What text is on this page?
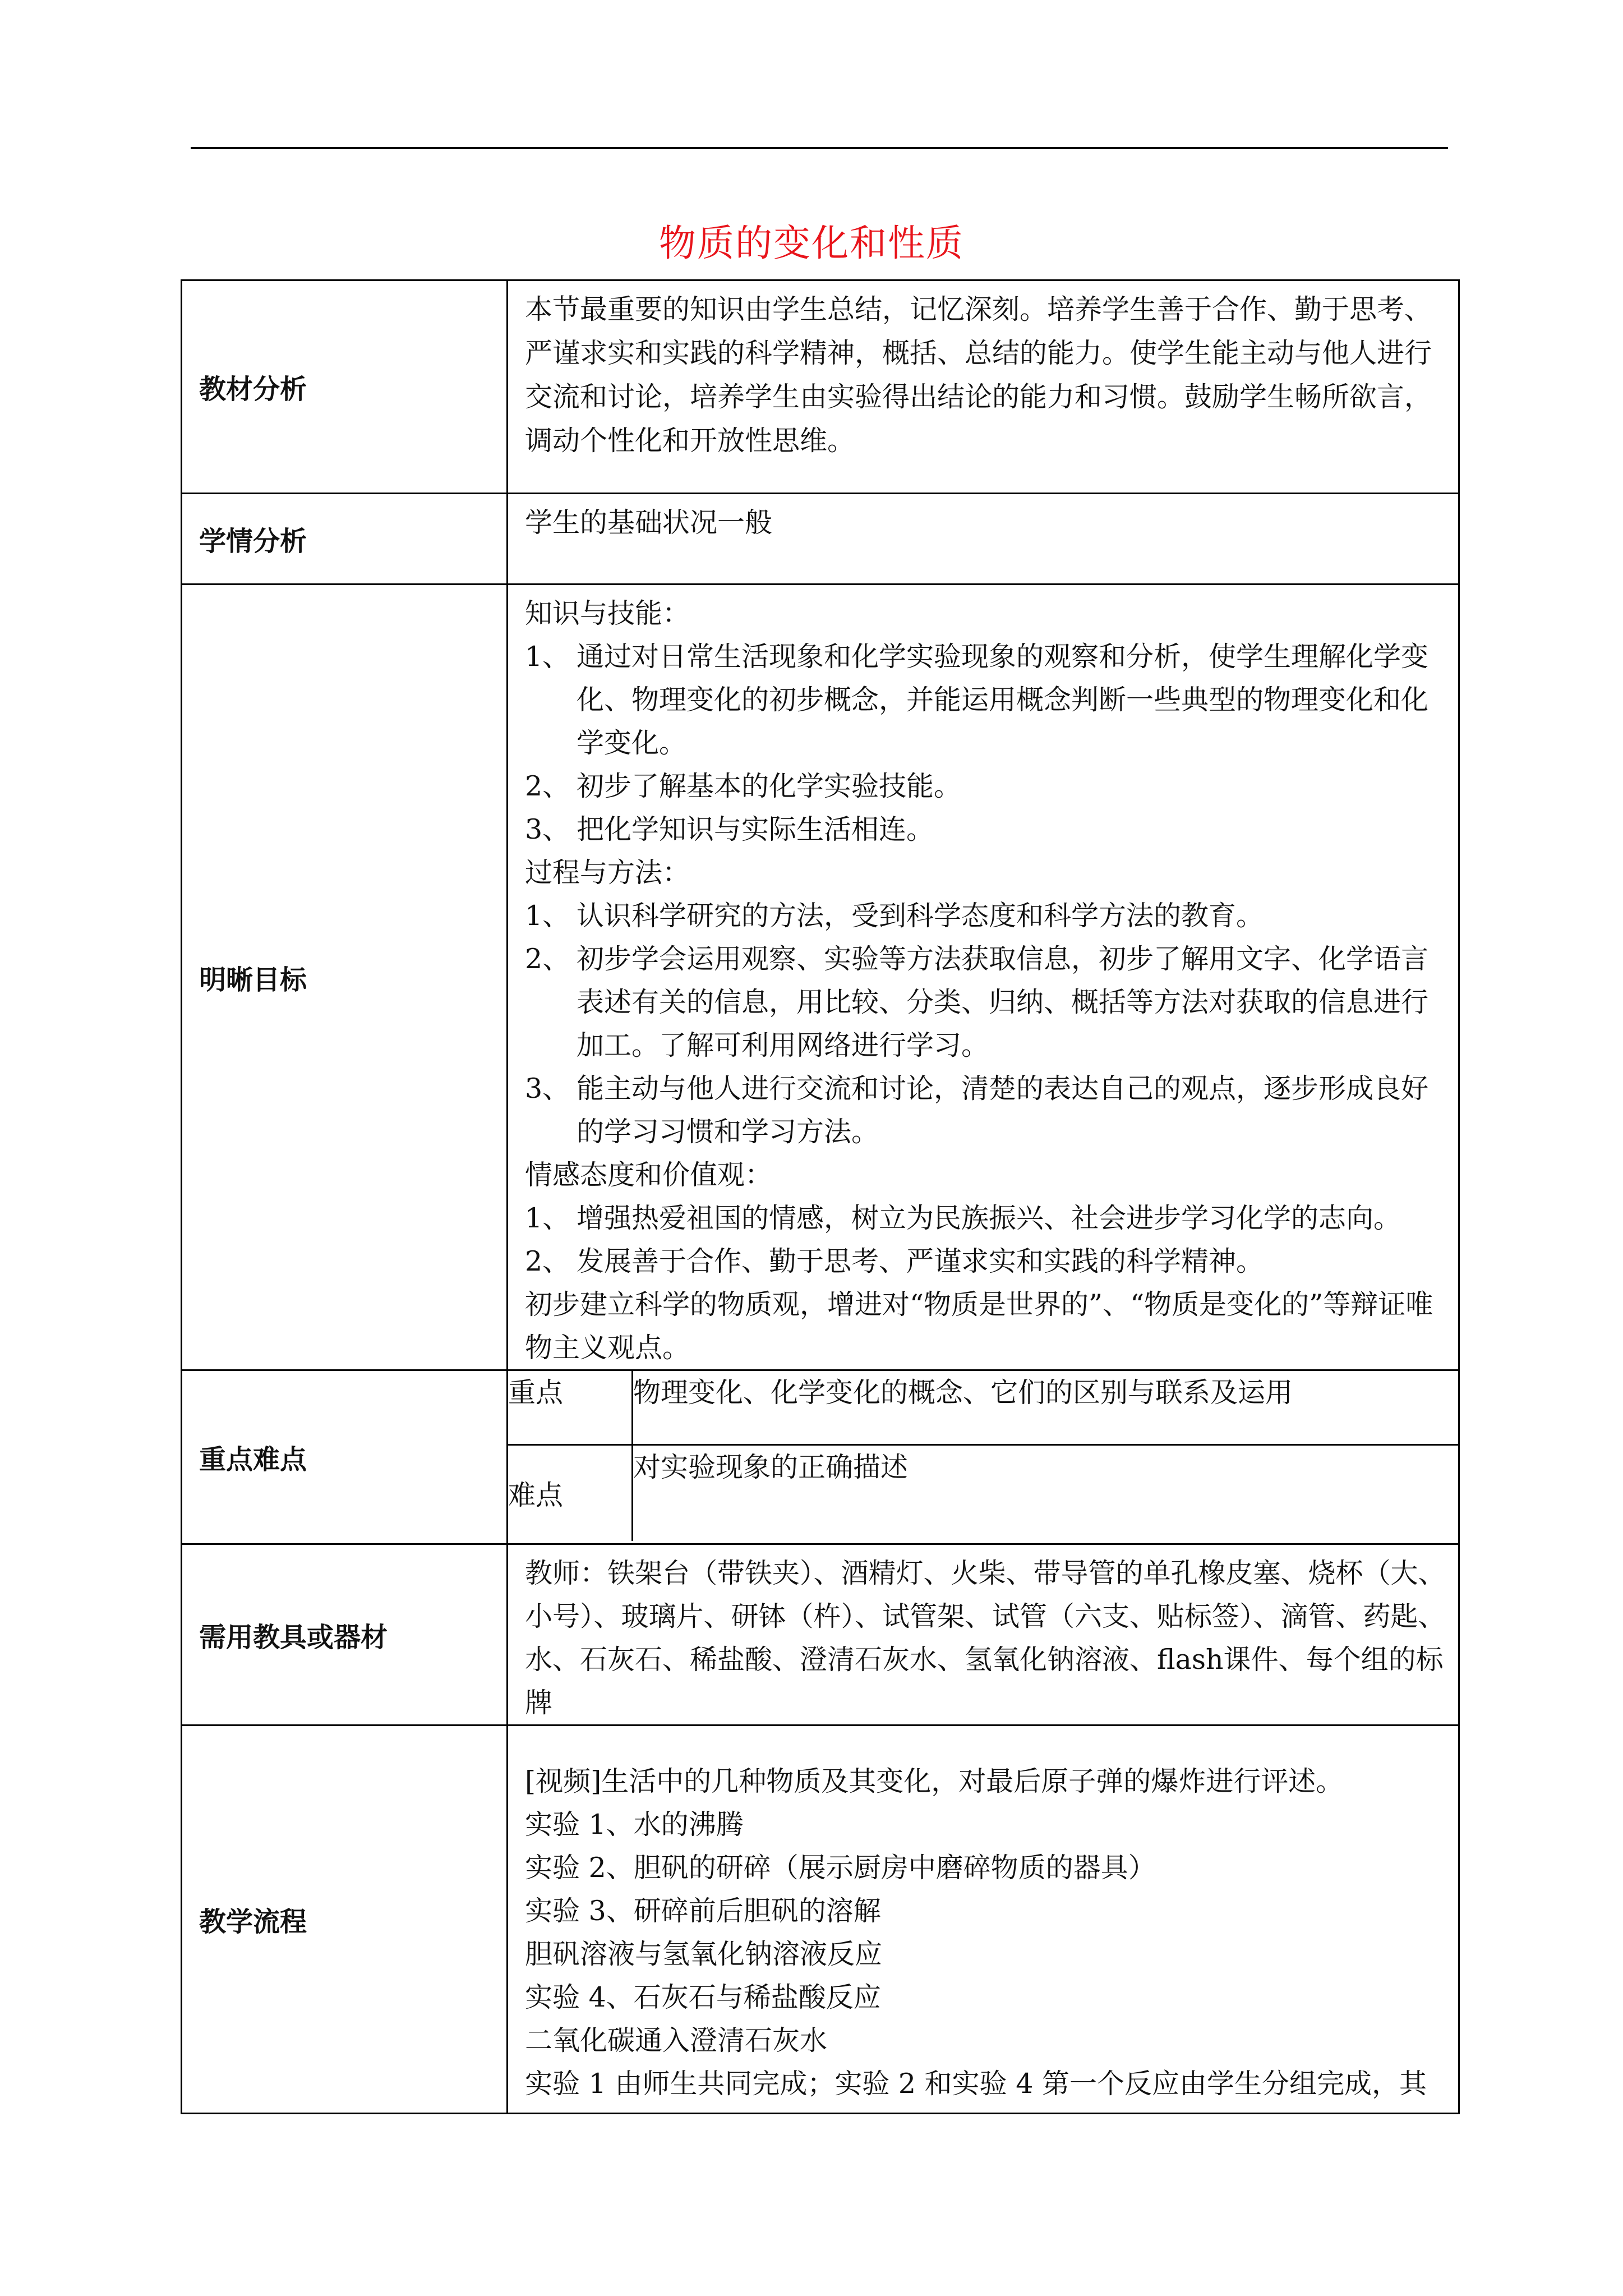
物质的变化和性质
教材分析	
本节最重要的知识由学生总结，记忆深刻。培养学生善于合作、勤于思考、严谨求实和实践的科学精神，概括、总结的能力。使学生能主动与他人进行交流和讨论，培养学生由实验得出结论的能力和习惯。鼓励学生畅所欲言，调动个性化和开放性思维。

学情分析	
学生的基础状况一般

明晰目标	
知识与技能：
1、 通过对日常生活现象和化学实验现象的观察和分析，使学生理解化学变化、物理变化的初步概念，并能运用概念判断一些典型的物理变化和化学变化。
2、 初步了解基本的化学实验技能。
3、 把化学知识与实际生活相连。
过程与方法：
1、 认识科学研究的方法，受到科学态度和科学方法的教育。
2、 初步学会运用观察、实验等方法获取信息，初步了解用文字、化学语言表述有关的信息，用比较、分类、归纳、概括等方法对获取的信息进行加工。了解可利用网络进行学习。
3、 能主动与他人进行交流和讨论，清楚的表达自己的观点，逐步形成良好的学习习惯和学习方法。
情感态度和价值观：
1、 增强热爱祖国的情感，树立为民族振兴、社会进步学习化学的志向。
2、 发展善于合作、勤于思考、严谨求实和实践的科学精神。
初步建立科学的物质观，增进对“物质是世界的”、“物质是变化的”等辩证唯物主义观点。

重点难点	
重点	物理变化、化学变化的概念、它们的区别与联系及运用
难点	对实验现象的正确描述

需用教具或器材	
教师：铁架台（带铁夹）、酒精灯、火柴、带导管的单孔橡皮塞、烧杯（大、小号）、玻璃片、研钵（杵）、试管架、试管（六支、贴标签）、滴管、药匙、水、石灰石、稀盐酸、澄清石灰水、氢氧化钠溶液、flash课件、每个组的标牌

教学流程	
[视频]生活中的几种物质及其变化，对最后原子弹的爆炸进行评述。
实验 1、水的沸腾
实验 2、胆矾的研碎（展示厨房中磨碎物质的器具）
实验 3、研碎前后胆矾的溶解
胆矾溶液与氢氧化钠溶液反应
实验 4、石灰石与稀盐酸反应
二氧化碳通入澄清石灰水
实验 1 由师生共同完成；实验 2 和实验 4 第一个反应由学生分组完成，其
